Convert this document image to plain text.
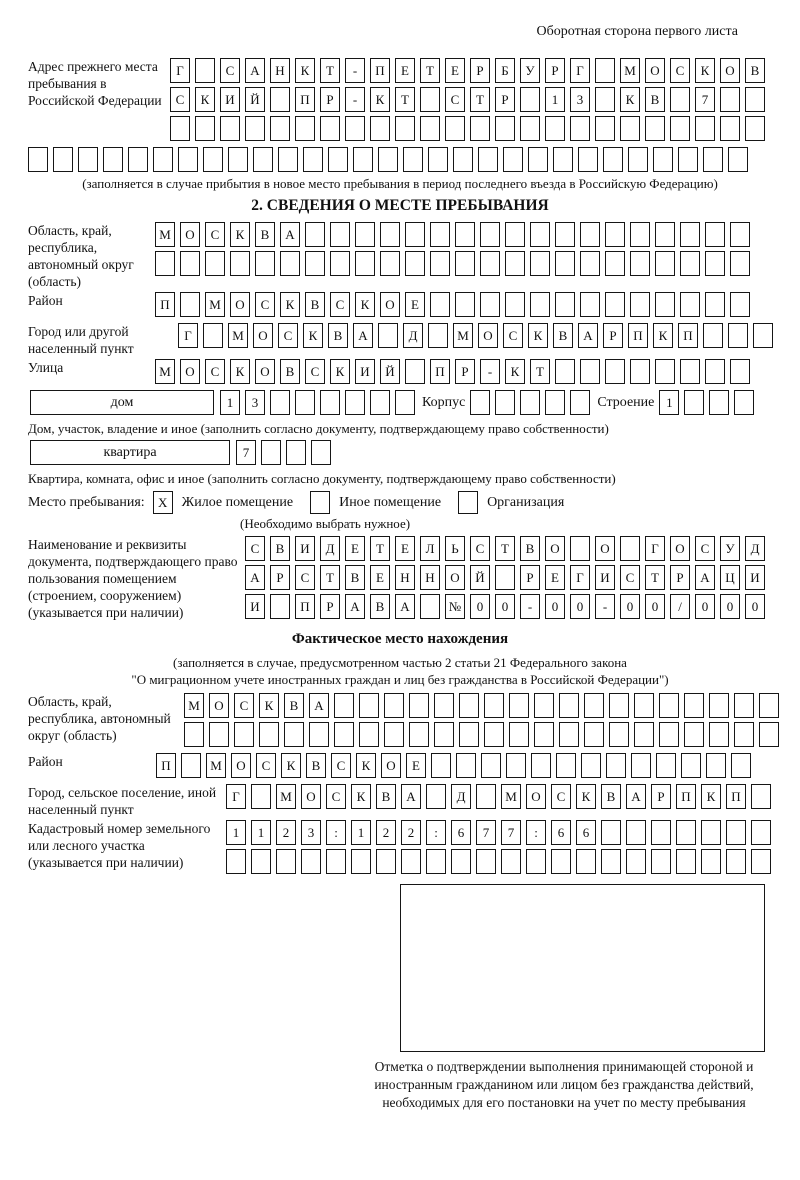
Оборотная сторона первого листа
Адрес прежнего места пребывания в Российской Федерации
Г	С	А	Н	К	Т	-	П	Е	Т	Е	Р	Б	У	Р	Г	М	О	С	К	О	В
С	К	И	Й	П	Р	-	К	Т	С	Т	Р	1	3	К	В	7
(заполняется в случае прибытия в новое место пребывания в период последнего въезда в Российскую Федерацию)
2. СВЕДЕНИЯ О МЕСТЕ ПРЕБЫВАНИЯ
Область, край, республика, автономный округ (область)
М	О	С	К	В	А
Район	П	М	О	С	К	В	С	К	О	Е
Город или другой населенный пункт
Г	М	О	С	К	В	А	Д	М	О	С	К	В	А	Р	П	К	П
Улица	М	О	С	К	О	В	С	К	И	Й	П	Р	-	К	Т
дом	1	3	Корпус	Строение 1
Дом, участок, владение и иное (заполнить согласно документу, подтверждающему право собственности)
квартира	7
Квартира, комната, офис и иное (заполнить согласно документу, подтверждающему право собственности)
Место пребывания:	X	Жилое помещение	Иное помещение	Организация
(Необходимо выбрать нужное)
Наименование и реквизиты документа, подтверждающего право пользования помещением (строением, сооружением) (указывается при наличии)
С	В	И	Д	Е	Т	Е	Л	Ь	С	Т	В	О	О	Г	О	С	У	Д
А	Р	С	Т	В	Е	Н	Н	О	Й	Р	Е	Г	И	С	Т	Р	А	Ц	И
И	П	Р	А	В	А	№	0	0	-	0	0	-	0	0	/	0	0	0
Фактическое место нахождения
(заполняется в случае, предусмотренном частью 2 статьи 21 Федерального закона
"О миграционном учете иностранных граждан и лиц без гражданства в Российской Федерации")
Область, край, республика, автономный округ (область)
М	О	С	К	В	А
Район	П	М	О	С	К	В	С	К	О	Е
Город, сельское поселение, иной населенный пункт
Г	М	О	С	К	В	А	Д	М	О	С	К	В	А	Р	П	К	П
Кадастровый номер земельного или лесного участка (указывается при наличии)
1	1	2	3	:	1	2	2	:	6	7	7	:	6	6
Отметка о подтверждении выполнения принимающей стороной и иностранным гражданином или лицом без гражданства действий, необходимых для его постановки на учет по месту пребывания
